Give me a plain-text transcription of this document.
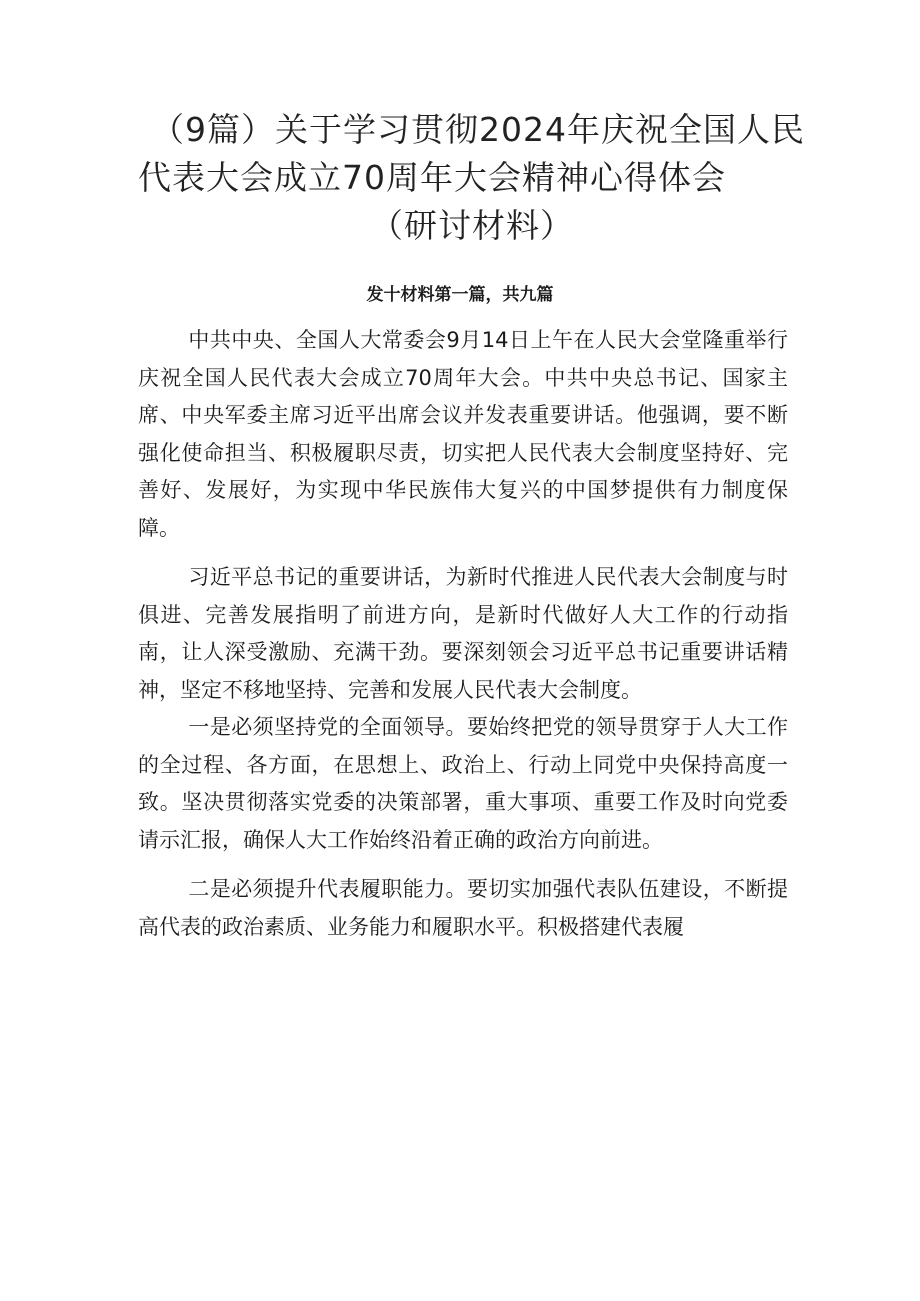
（9篇）关于学习贯彻2024年庆祝全国人民
代表大会成立70周年大会精神心得体会
（研讨材料）

发十材料第一篇，共九篇

中共中央、全国人大常委会9月14日上午在人民大会堂隆重举行庆祝全国人民代表大会成立70周年大会。中共中央总书记、国家主席、中央军委主席习近平出席会议并发表重要讲话。他强调，要不断强化使命担当、积极履职尽责，切实把人民代表大会制度坚持好、完善好、发展好，为实现中华民族伟大复兴的中国梦提供有力制度保障。

习近平总书记的重要讲话，为新时代推进人民代表大会制度与时俱进、完善发展指明了前进方向，是新时代做好人大工作的行动指南，让人深受激励、充满干劲。要深刻领会习近平总书记重要讲话精神，坚定不移地坚持、完善和发展人民代表大会制度。

一是必须坚持党的全面领导。要始终把党的领导贯穿于人大工作的全过程、各方面，在思想上、政治上、行动上同党中央保持高度一致。坚决贯彻落实党委的决策部署，重大事项、重要工作及时向党委请示汇报，确保人大工作始终沿着正确的政治方向前进。

二是必须提升代表履职能力。要切实加强代表队伍建设，不断提高代表的政治素质、业务能力和履职水平。积极搭建代表履
